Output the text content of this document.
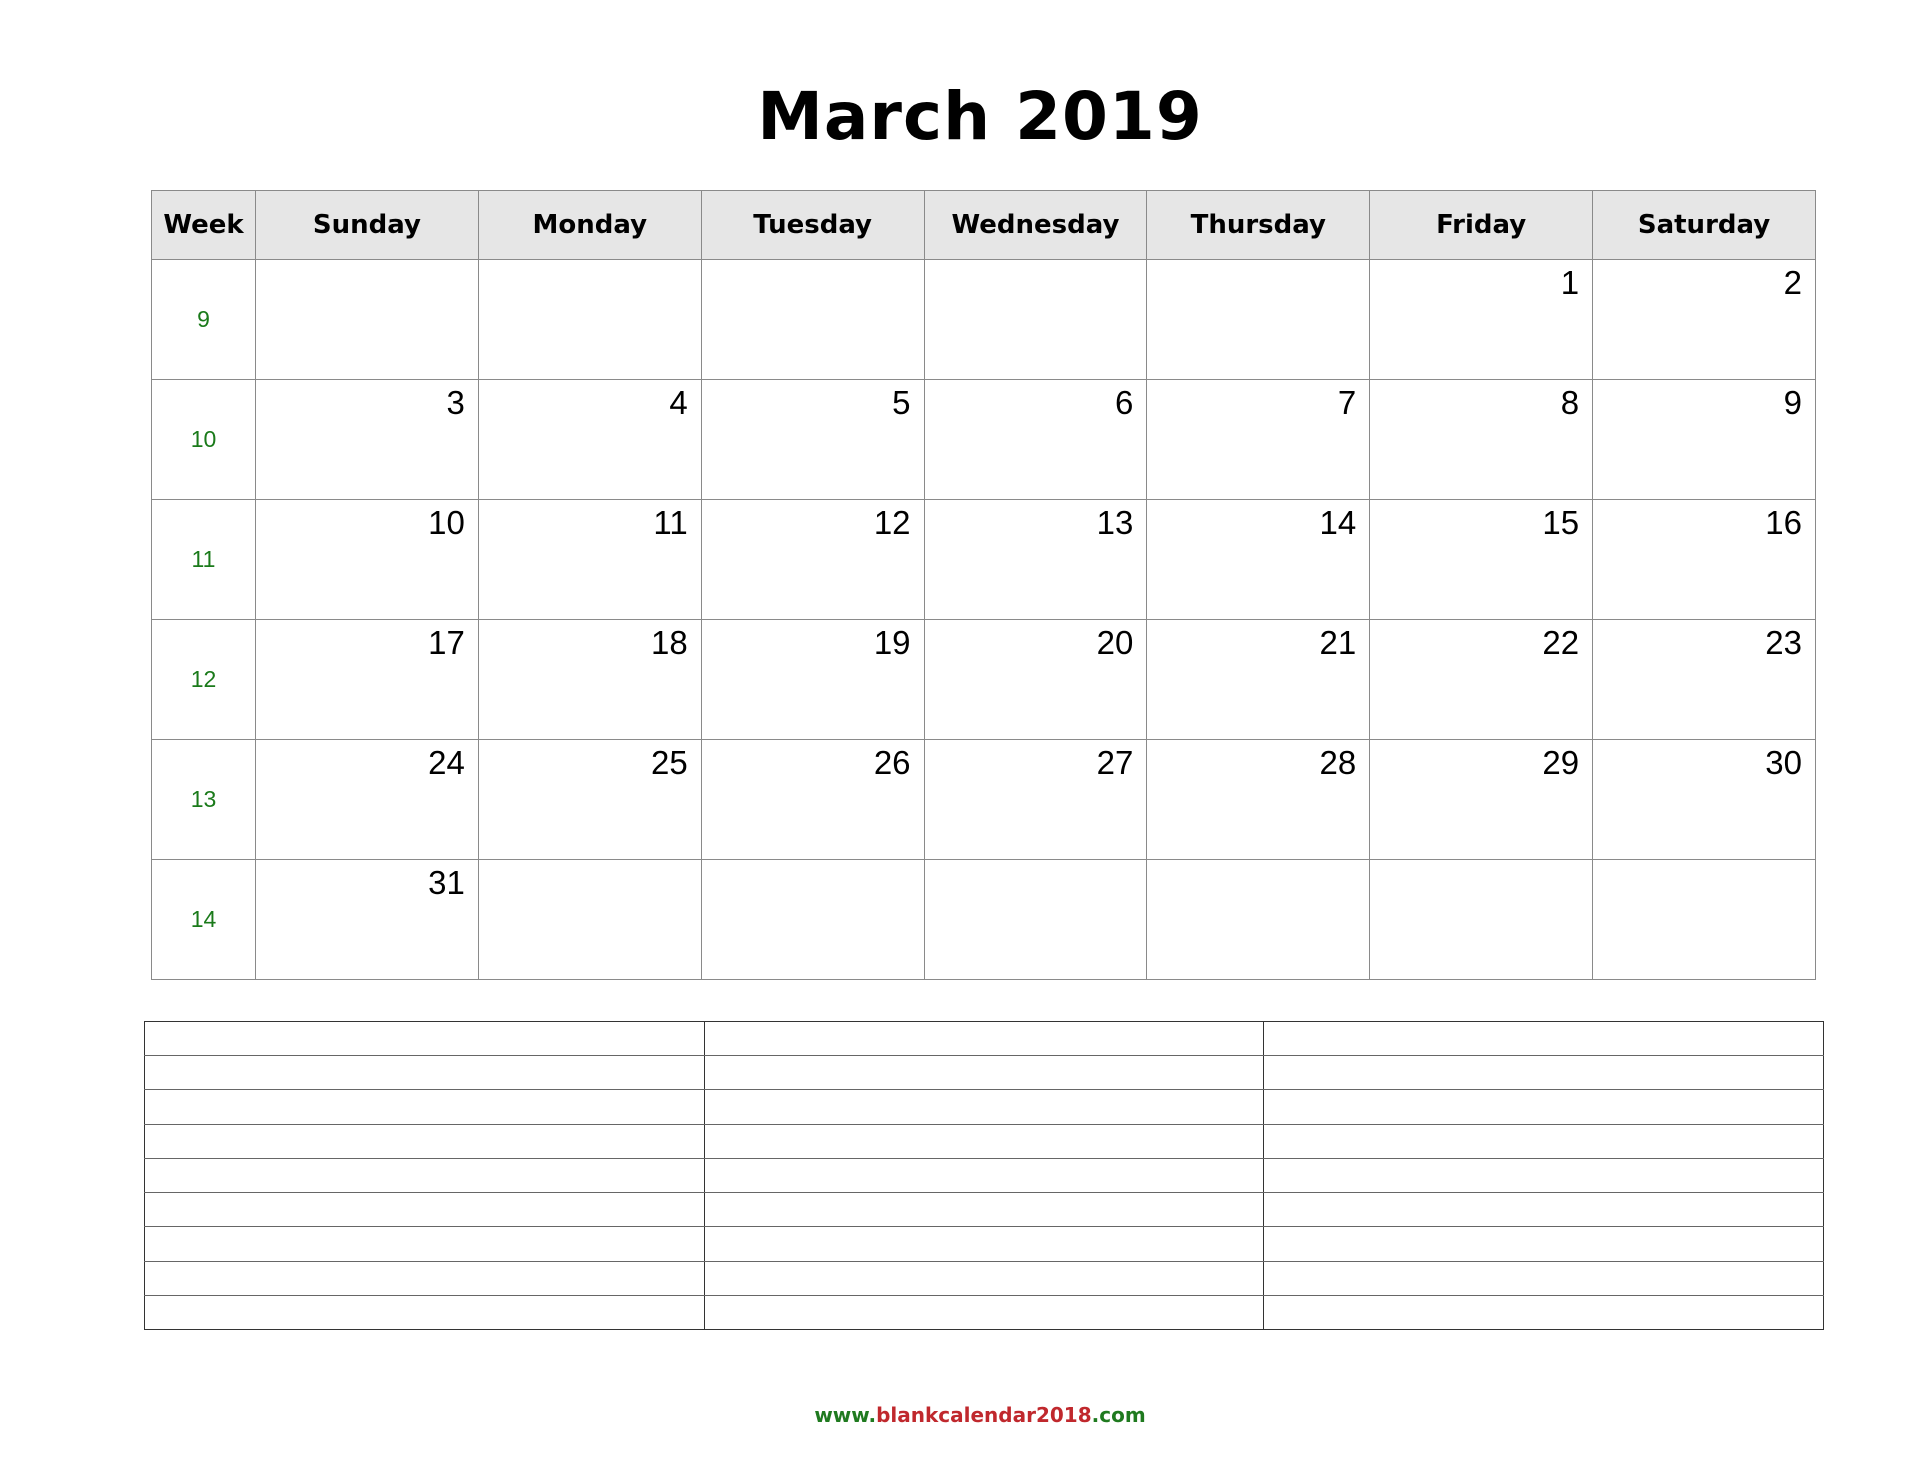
March 2019
Week	Sunday	Monday	Tuesday	Wednesday	Thursday	Friday	Saturday
9						1	2

10	3	4	5	6	7	8	9

11	10	11	12	13	14	15	16

12	17	18	19	20	21	22	23

13	24	25	26	27	28	29	30

14	31						

www.blankcalendar2018.com
